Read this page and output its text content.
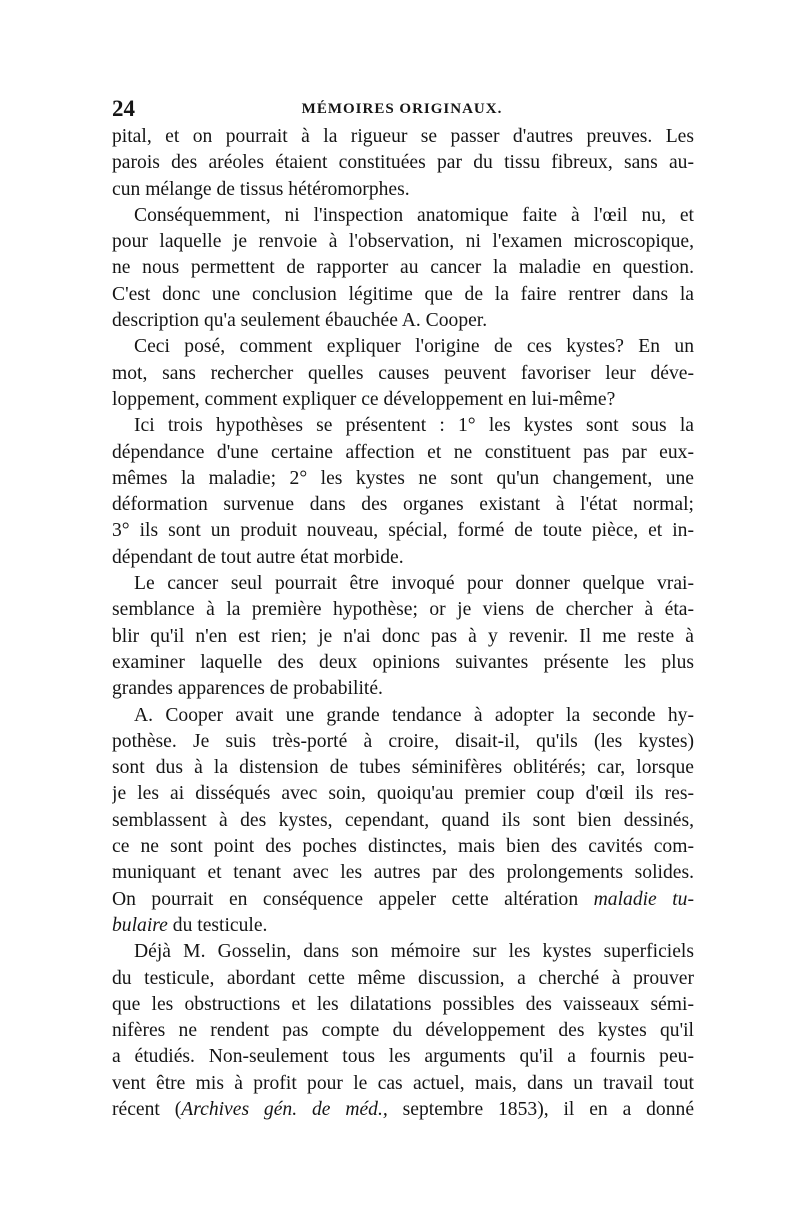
24	MÉMOIRES ORIGINAUX.
pital, et on pourrait à la rigueur se passer d'autres preuves. Les
parois des aréoles étaient constituées par du tissu fibreux, sans au-
cun mélange de tissus hétéromorphes.
Conséquemment, ni l'inspection anatomique faite à l'œil nu, et
pour laquelle je renvoie à l'observation, ni l'examen microscopique,
ne nous permettent de rapporter au cancer la maladie en question.
C'est donc une conclusion légitime que de la faire rentrer dans la
description qu'a seulement ébauchée A. Cooper.
Ceci posé, comment expliquer l'origine de ces kystes? En un
mot, sans rechercher quelles causes peuvent favoriser leur déve-
loppement, comment expliquer ce développement en lui-même?
Ici trois hypothèses se présentent : 1° les kystes sont sous la
dépendance d'une certaine affection et ne constituent pas par eux-
mêmes la maladie; 2° les kystes ne sont qu'un changement, une
déformation survenue dans des organes existant à l'état normal;
3° ils sont un produit nouveau, spécial, formé de toute pièce, et in-
dépendant de tout autre état morbide.
Le cancer seul pourrait être invoqué pour donner quelque vrai-
semblance à la première hypothèse; or je viens de chercher à éta-
blir qu'il n'en est rien; je n'ai donc pas à y revenir. Il me reste à
examiner laquelle des deux opinions suivantes présente les plus
grandes apparences de probabilité.
A. Cooper avait une grande tendance à adopter la seconde hy-
pothèse. Je suis très-porté à croire, disait-il, qu'ils (les kystes)
sont dus à la distension de tubes séminifères oblitérés; car, lorsque
je les ai disséqués avec soin, quoiqu'au premier coup d'œil ils res-
semblassent à des kystes, cependant, quand ils sont bien dessinés,
ce ne sont point des poches distinctes, mais bien des cavités com-
muniquant et tenant avec les autres par des prolongements solides.
On pourrait en conséquence appeler cette altération maladie tu-
bulaire du testicule.
Déjà M. Gosselin, dans son mémoire sur les kystes superficiels
du testicule, abordant cette même discussion, a cherché à prouver
que les obstructions et les dilatations possibles des vaisseaux sémi-
nifères ne rendent pas compte du développement des kystes qu'il
a étudiés. Non-seulement tous les arguments qu'il a fournis peu-
vent être mis à profit pour le cas actuel, mais, dans un travail tout
récent (Archives gén. de méd., septembre 1853), il en a donné
